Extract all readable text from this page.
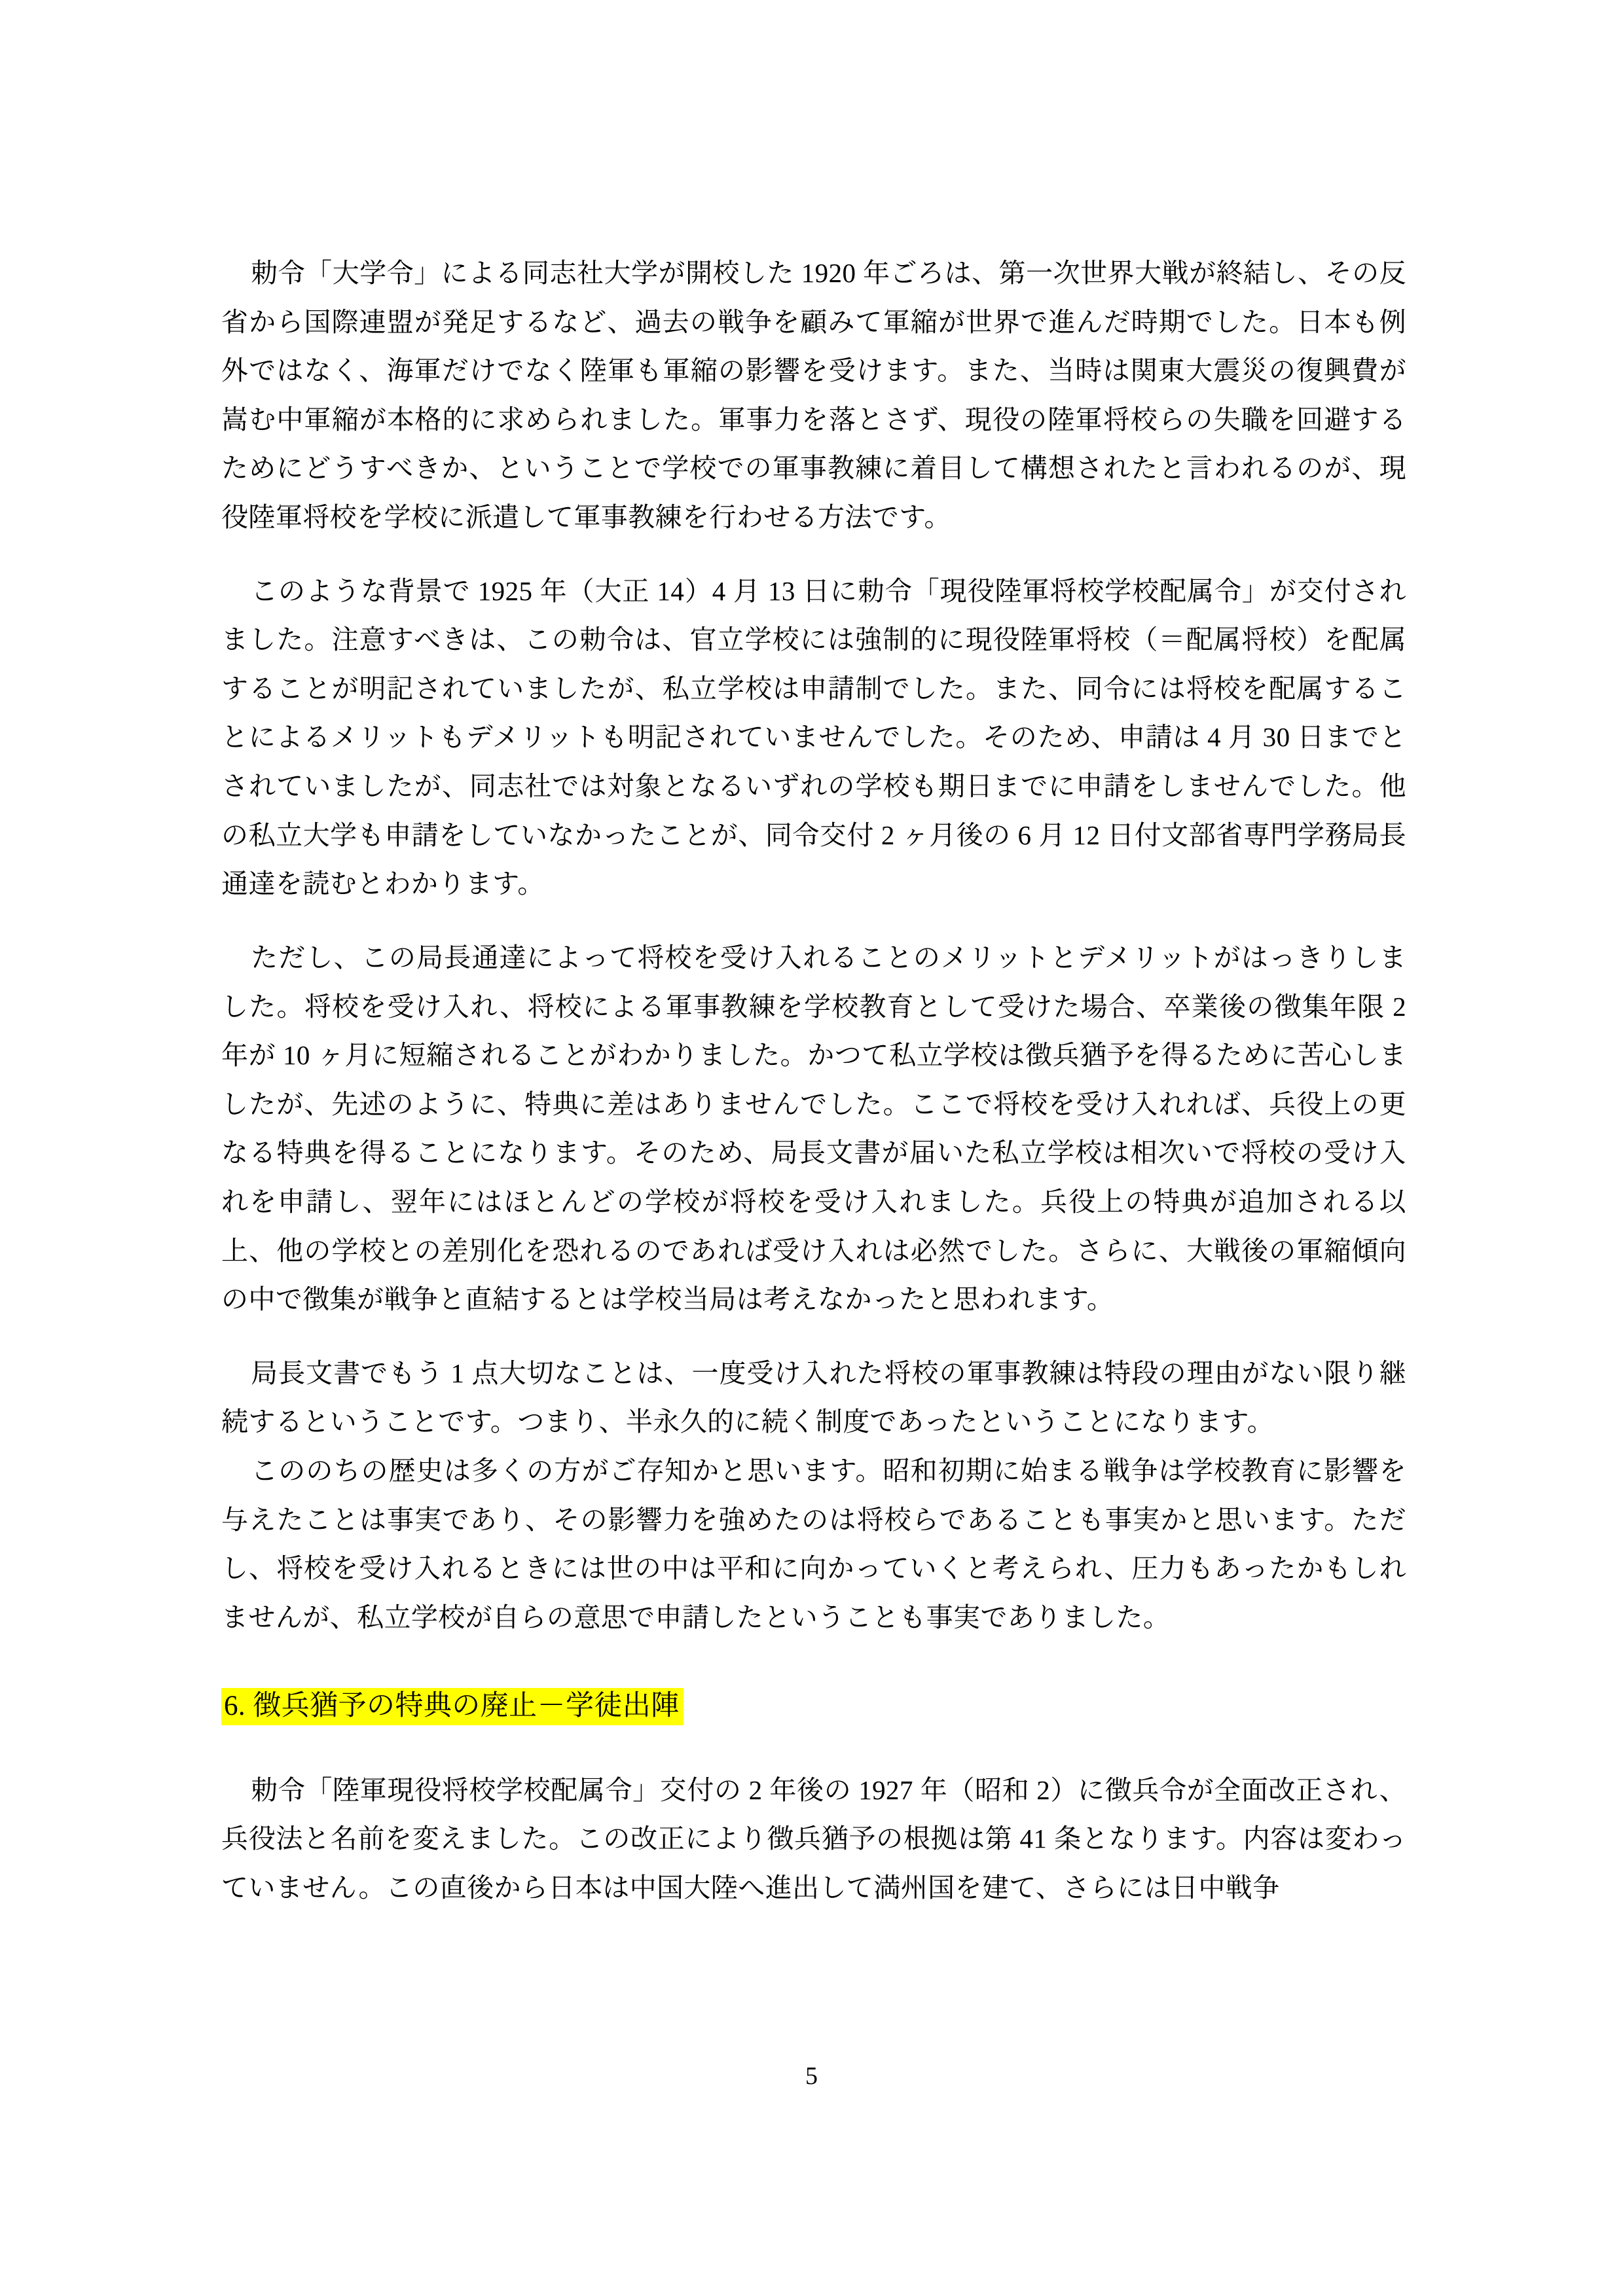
勅令「大学令」による同志社大学が開校した 1920 年ごろは、第一次世界大戦が終結し、その反省から国際連盟が発足するなど、過去の戦争を顧みて軍縮が世界で進んだ時期でした。日本も例外ではなく、海軍だけでなく陸軍も軍縮の影響を受けます。また、当時は関東大震災の復興費が嵩む中軍縮が本格的に求められました。軍事力を落とさず、現役の陸軍将校らの失職を回避するためにどうすべきか、ということで学校での軍事教練に着目して構想されたと言われるのが、現役陸軍将校を学校に派遣して軍事教練を行わせる方法です。

このような背景で 1925 年（大正 14）4 月 13 日に勅令「現役陸軍将校学校配属令」が交付されました。注意すべきは、この勅令は、官立学校には強制的に現役陸軍将校（＝配属将校）を配属することが明記されていましたが、私立学校は申請制でした。また、同令には将校を配属することによるメリットもデメリットも明記されていませんでした。そのため、申請は 4 月 30 日までとされていましたが、同志社では対象となるいずれの学校も期日までに申請をしませんでした。他の私立大学も申請をしていなかったことが、同令交付 2 ヶ月後の 6 月 12 日付文部省専門学務局長通達を読むとわかります。

ただし、この局長通達によって将校を受け入れることのメリットとデメリットがはっきりしました。将校を受け入れ、将校による軍事教練を学校教育として受けた場合、卒業後の徴集年限 2 年が 10 ヶ月に短縮されることがわかりました。かつて私立学校は徴兵猶予を得るために苦心しましたが、先述のように、特典に差はありませんでした。ここで将校を受け入れれば、兵役上の更なる特典を得ることになります。そのため、局長文書が届いた私立学校は相次いで将校の受け入れを申請し、翌年にはほとんどの学校が将校を受け入れました。兵役上の特典が追加される以上、他の学校との差別化を恐れるのであれば受け入れは必然でした。さらに、大戦後の軍縮傾向の中で徴集が戦争と直結するとは学校当局は考えなかったと思われます。

局長文書でもう 1 点大切なことは、一度受け入れた将校の軍事教練は特段の理由がない限り継続するということです。つまり、半永久的に続く制度であったということになります。

こののちの歴史は多くの方がご存知かと思います。昭和初期に始まる戦争は学校教育に影響を与えたことは事実であり、その影響力を強めたのは将校らであることも事実かと思います。ただし、将校を受け入れるときには世の中は平和に向かっていくと考えられ、圧力もあったかもしれませんが、私立学校が自らの意思で申請したということも事実でありました。

6. 徴兵猶予の特典の廃止－学徒出陣

勅令「陸軍現役将校学校配属令」交付の 2 年後の 1927 年（昭和 2）に徴兵令が全面改正され、兵役法と名前を変えました。この改正により徴兵猶予の根拠は第 41 条となります。内容は変わっていません。この直後から日本は中国大陸へ進出して満州国を建て、さらには日中戦争

5
